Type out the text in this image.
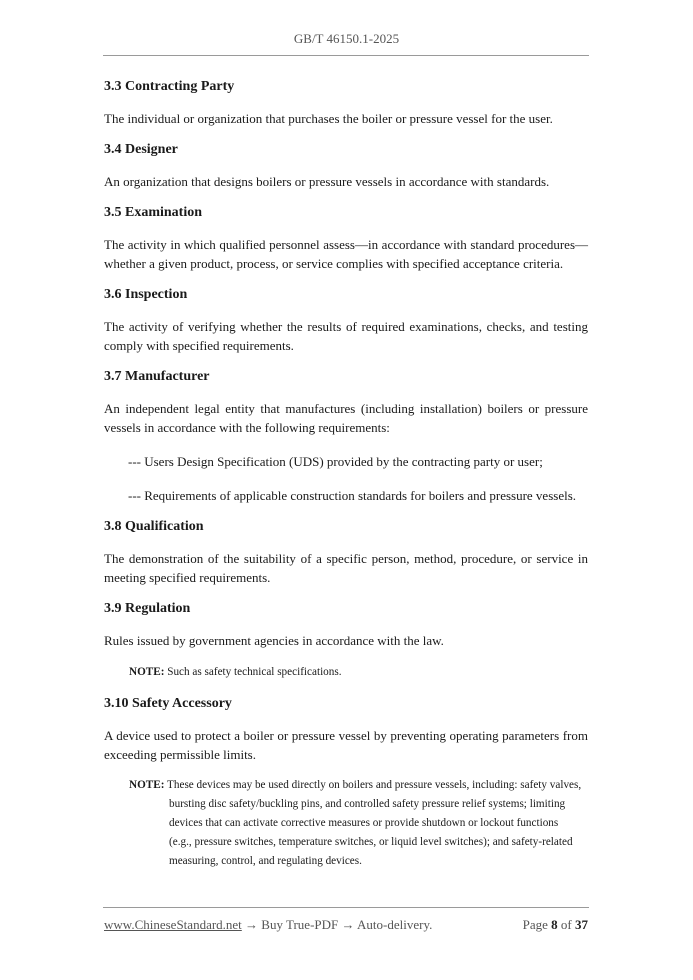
GB/T 46150.1-2025
3.3 Contracting Party

The individual or organization that purchases the boiler or pressure vessel for the user.

3.4 Designer

An organization that designs boilers or pressure vessels in accordance with standards.

3.5 Examination

The activity in which qualified personnel assess—in accordance with standard procedures—whether a given product, process, or service complies with specified acceptance criteria.

3.6 Inspection

The activity of verifying whether the results of required examinations, checks, and testing comply with specified requirements.

3.7 Manufacturer

An independent legal entity that manufactures (including installation) boilers or pressure vessels in accordance with the following requirements:

--- Users Design Specification (UDS) provided by the contracting party or user;

--- Requirements of applicable construction standards for boilers and pressure vessels.

3.8 Qualification

The demonstration of the suitability of a specific person, method, procedure, or service in meeting specified requirements.

3.9 Regulation

Rules issued by government agencies in accordance with the law.

NOTE: Such as safety technical specifications.

3.10 Safety Accessory

A device used to protect a boiler or pressure vessel by preventing operating parameters from exceeding permissible limits.

NOTE: These devices may be used directly on boilers and pressure vessels, including: safety valves,
bursting disc safety/buckling pins, and controlled safety pressure relief systems; limiting
devices that can activate corrective measures or provide shutdown or lockout functions
(e.g., pressure switches, temperature switches, or liquid level switches); and safety-related
measuring, control, and regulating devices.
www.ChineseStandard.net → Buy True-PDF → Auto-delivery.	Page 8 of 37
